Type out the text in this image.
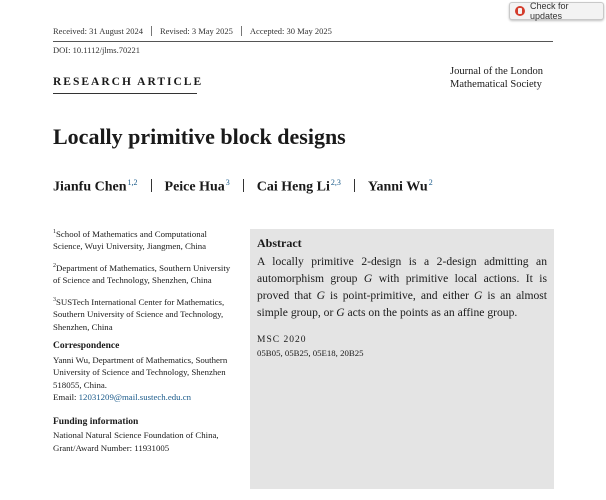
Received: 31 August 2024	Revised: 3 May 2025	Accepted: 30 May 2025
Check for updates
DOI: 10.1112/jlms.70221
RESEARCH ARTICLE
Journal of the London
Mathematical Society
Locally primitive block designs
Jianfu Chen$^{1,2}$ Peice Hua$^3$ Cai Heng Li$^{2,3}$ Yanni Wu$^2$

$^1$School of Mathematics and Computational Science, Wuyi University, Jiangmen, China

$^2$Department of Mathematics, Southern University of Science and Technology, Shenzhen, China

$^3$SUSTech International Center for Mathematics, Southern University of Science and Technology, Shenzhen, China

Correspondence
Yanni Wu, Department of Mathematics, Southern University of Science and Technology, Shenzhen 518055, China.
Email: 12031209@mail.sustech.edu.cn
Funding information
National Natural Science Foundation of China, Grant/Award Number: 11931005
Abstract

A locally primitive 2-design is a 2-design admitting an automorphism group G with primitive local actions. It is proved that G is point-primitive, and either G is an almost simple group, or G acts on the points as an affine group.

MSC 2020
05B05, 05B25, 05E18, 20B25
